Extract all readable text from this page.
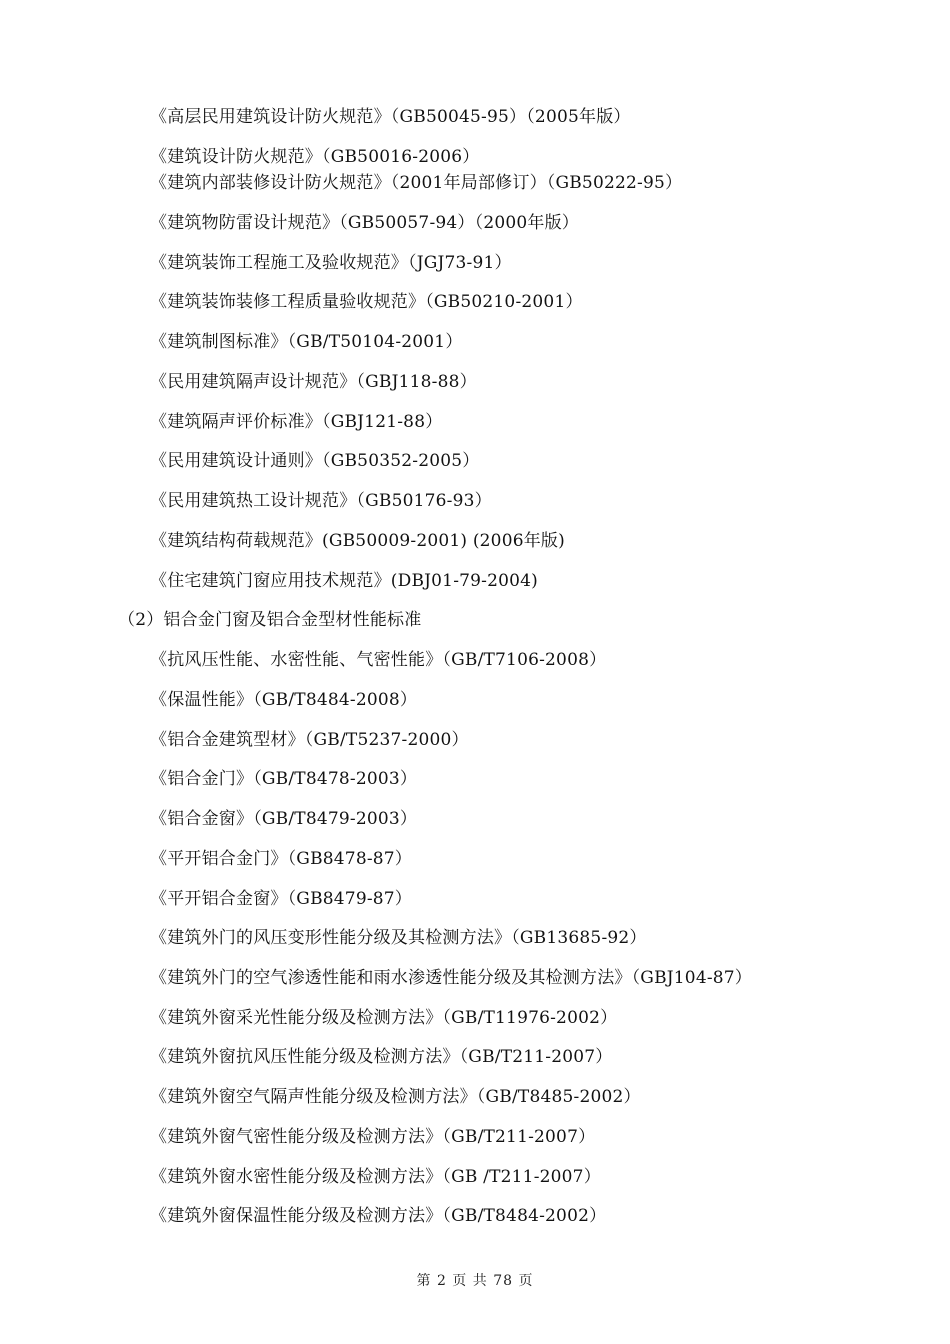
《高层民用建筑设计防火规范》（GB50045-95）（2005年版）
《建筑设计防火规范》（GB50016-2006）
《建筑内部装修设计防火规范》（2001年局部修订）（GB50222-95）
《建筑物防雷设计规范》（GB50057-94）（2000年版）
《建筑装饰工程施工及验收规范》（JGJ73-91）
《建筑装饰装修工程质量验收规范》（GB50210-2001）
《建筑制图标准》（GB/T50104-2001）
《民用建筑隔声设计规范》（GBJ118-88）
《建筑隔声评价标准》（GBJ121-88）
《民用建筑设计通则》（GB50352-2005）
《民用建筑热工设计规范》（GB50176-93）
《建筑结构荷载规范》(GB50009-2001) (2006年版)
《住宅建筑门窗应用技术规范》(DBJ01-79-2004)
（2）铝合金门窗及铝合金型材性能标准
《抗风压性能、水密性能、气密性能》（GB/T7106-2008）
《保温性能》（GB/T8484-2008）
《铝合金建筑型材》（GB/T5237-2000）
《铝合金门》（GB/T8478-2003）
《铝合金窗》（GB/T8479-2003）
《平开铝合金门》（GB8478-87）
《平开铝合金窗》（GB8479-87）
《建筑外门的风压变形性能分级及其检测方法》（GB13685-92）
《建筑外门的空气渗透性能和雨水渗透性能分级及其检测方法》（GBJ104-87）
《建筑外窗采光性能分级及检测方法》（GB/T11976-2002）
《建筑外窗抗风压性能分级及检测方法》（GB/T211-2007）
《建筑外窗空气隔声性能分级及检测方法》（GB/T8485-2002）
《建筑外窗气密性能分级及检测方法》（GB/T211-2007）
《建筑外窗水密性能分级及检测方法》（GB /T211-2007）
《建筑外窗保温性能分级及检测方法》（GB/T8484-2002）
第 2 页 共 78 页
